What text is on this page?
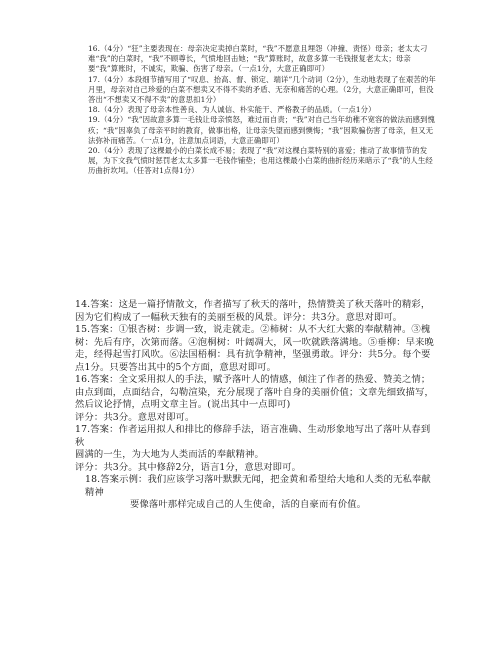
16.（4分）“狂”主要表现在：母亲决定卖掉白菜时，“我”不愿意且埋怨（冲撞、责怪）母亲；老太太刁难“我”的白菜时，“我”不顾尊长，气愤地回击她；“我”算账时，故意多算一毛钱报复老太太；母亲要“我”算账时，不诚实，欺骗、伤害了母亲。（一点1分，大意正确即可）

17.（4分）本段细节描写用了“叹息、抬高、督、锁定、端详”几个动词（2分），生动地表现了在艰苦的年月里，母亲对自己珍爱的白菜不想卖又不得不卖的矛盾、无奈和痛苦的心理。（2分，大意正确即可，但没答出“不想卖又不得不卖”的意思扣1分）

18.（4分）表现了母亲本性善良、为人诚信、朴实能干、严格教子的品质。（一点1分）

19.（4分）“我”因故意多算一毛钱让母亲愤怒，难过而自责；“我”对自己当年幼稚不宽容的做法而感到愧疚；“我”因辜负了母亲平时的教育，做事出格，让母亲失望而感到懊悔；“我”因欺骗伤害了母亲，但又无法弥补而痛苦。（一点1分，注意加点词语，大意正确即可）

20.（4分）表现了这棵最小的白菜长成不易；表现了“我”对这棵白菜特别的喜爱；推动了故事情节的发展，为下文我气愤时惩罚老太太多算一毛钱作铺垫；也用这棵最小白菜的曲折经历来暗示了“我”的人生经历曲折坎坷。（任答对1点得1分）

14.答案：这是一篇抒情散文，作者描写了秋天的落叶，热情赞美了秋天落叶的精彩，因为它们构成了一幅秋天独有的美丽至极的风景。评分：共3分。意思对即可。

15.答案：①银杏树：步调一致，说走就走。②柿树：从不大红大紫的奉献精神。③槐树：先后有序，次第而落。④泡桐树：叶阔凋大，风一吹就跌落满地。⑤垂柳：早来晚走，经得起雪打风吹。⑥法国梧桐：具有抗争精神，坚强勇敢。评分：共5分。每个要点1分。只要答出其中的5个方面，意思对即可。

16.答案：全文采用拟人的手法，赋予落叶人的情感，倾注了作者的热爱、赞美之情；由点到面，点面结合，勾勒渲染，充分展现了落叶自身的美丽价值；文章先细致描写，然后议论抒情，点明文章主旨。(说出其中一点即可)

评分：共3分。意思对即可。

17.答案：作者运用拟人和排比的修辞手法，语言准确、生动形象地写出了落叶从春到秋

圆满的一生，为大地为人类而活的奉献精神。

评分：共3分。其中修辞2分，语言1分，意思对即可。

18.答案示例：我们应该学习落叶默默无闻，把金黄和希望给大地和人类的无私奉献精神

要像落叶那样完成自己的人生使命，活的自豪而有价值。
